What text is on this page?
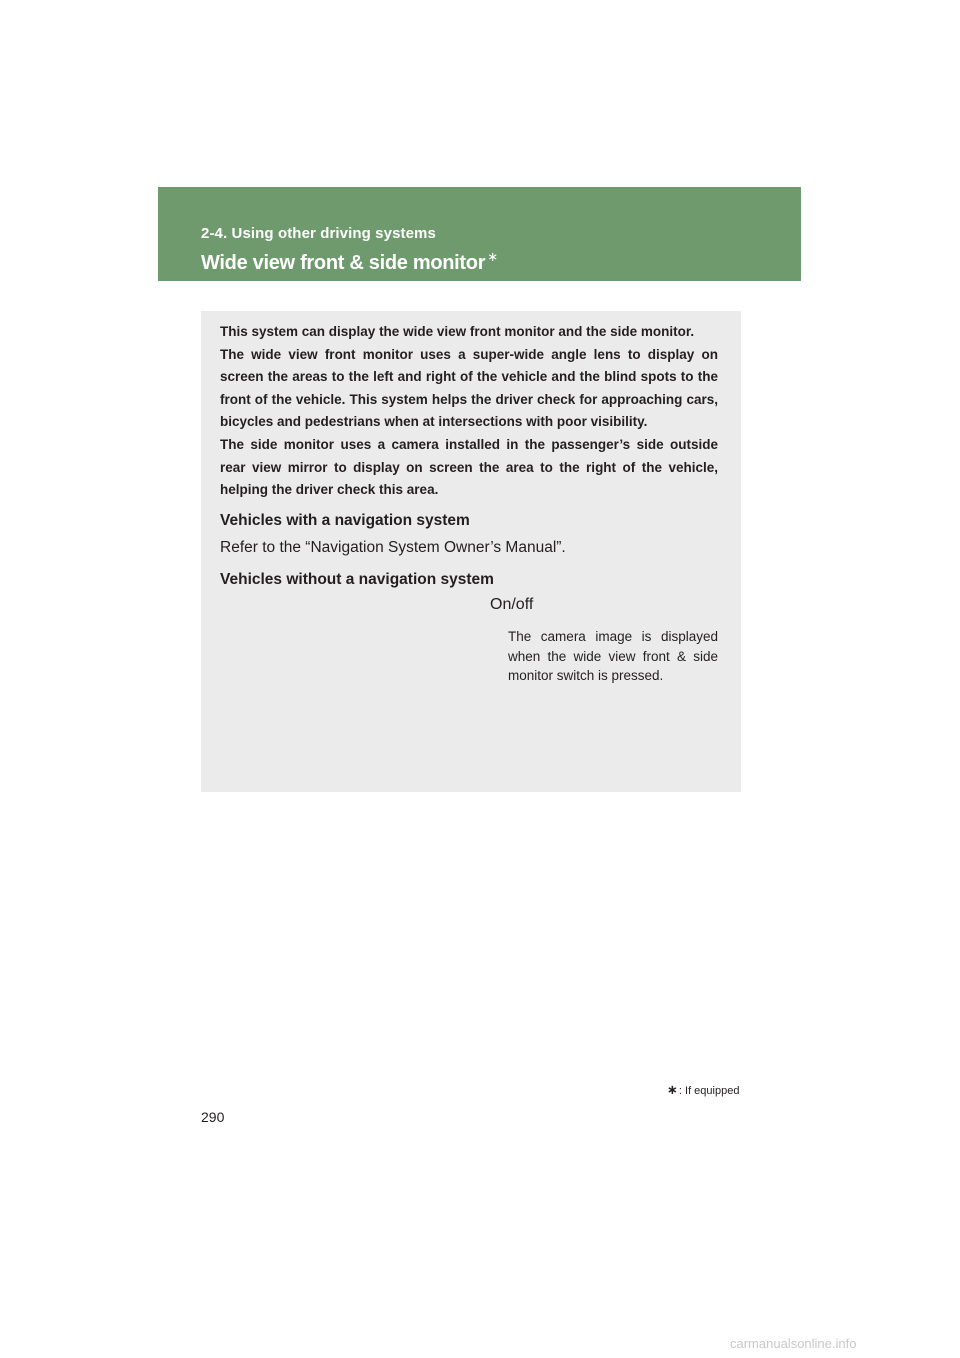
2-4. Using other driving systems
Wide view front & side monitor ∗

This system can display the wide view front monitor and the side monitor.

The wide view front monitor uses a super-wide angle lens to display on screen the areas to the left and right of the vehicle and the blind spots to the front of the vehicle. This system helps the driver check for approaching cars, bicycles and pedestrians when at intersections with poor visibility.

The side monitor uses a camera installed in the passenger’s side outside rear view mirror to display on screen the area to the right of the vehicle, helping the driver check this area.

Vehicles with a navigation system
Refer to the “Navigation System Owner’s Manual”.
Vehicles without a navigation system
On/off
The camera image is displayed when the wide view front & side monitor switch is pressed.
∗: If equipped
290
carmanualsonline.info
